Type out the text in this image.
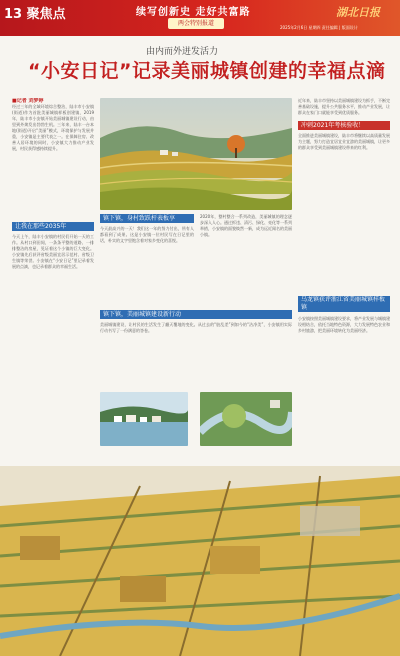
13 聚焦点	续写创新史 走好共富路
两会特别报道
湖北日报
2025年2月6日 星期四 责任编辑 | 版面设计
由内而外迸发活力
“小安日记”记录美丽城镇创建的幸福点滴
■记者 刘梦婷
经过三年的全域环境综合整治，陆丰市小安镇(街道)作为首批美丽城镇样板创建镇，2019年，陆丰市小安镇开始美丽城镇建设行动，由里到外焕发出勃勃生机。三年来，陆丰一台本地(街道)开启“美丽”模式，环境保护与发展并重，小安镇是主要代表之一。在保障住房、改善人居环境的同时，小安镇大力推动产业发展，村民获得感持续提升。
近年来，陆丰市坚持以美丽城镇建设为抓手，不断完善基础设施，提升公共服务水平，推动产业发展，让群众在家门口就能享受到优质服务。
冲刺2021年考核验收！
全面推进美丽城镇建设，陆丰市将继续以高质量发展为主题，努力打造宜居宜业宜游的美丽城镇，让更多的群众享受到美丽城镇建设带来的红利。
让我在那些2035年
今天上午，陆丰小安镇的村民们开始一天的工作。从村口到田间，一条条平整的道路、一排排整洁的房屋，见证着这个小镇的巨大变化。小安镇先后获评省级美丽宜居示范村、省级卫生镇等荣誉。小安镇在“小安日记”里记录着发展的点滴，也记录着群众的幸福生活。
镇下镇，身村致跃杆表板享
今天最高兴的一天！我们这一年的努力付出，所有人都看到了成果。这是小安镇一位村民写在日记里的话，朴实的文字里饱含着对家乡变化的喜悦。
2020年，整村整合一系列改造，美丽城镇的理念逐步深入人心。通过拆违、清污、绿化、亮化等一系列举措，小安镇的面貌焕然一新，成为远近闻名的美丽小镇。
镇下镇，美丽城镇建设新行动
美丽城镇建设，让村民的生活发生了翻天覆地的变化。从过去的“脏乱差”到如今的“洁净美”，小安镇用实际行动书写了一份满意的答卷。
乌龙镇获评浙江省美丽城镇样板镇
小安镇按照美丽城镇建设要求，将产业发展与城镇建设相结合，依托当地特色资源，大力发展特色农业和乡村旅游，把美丽环境转化为美丽经济。
